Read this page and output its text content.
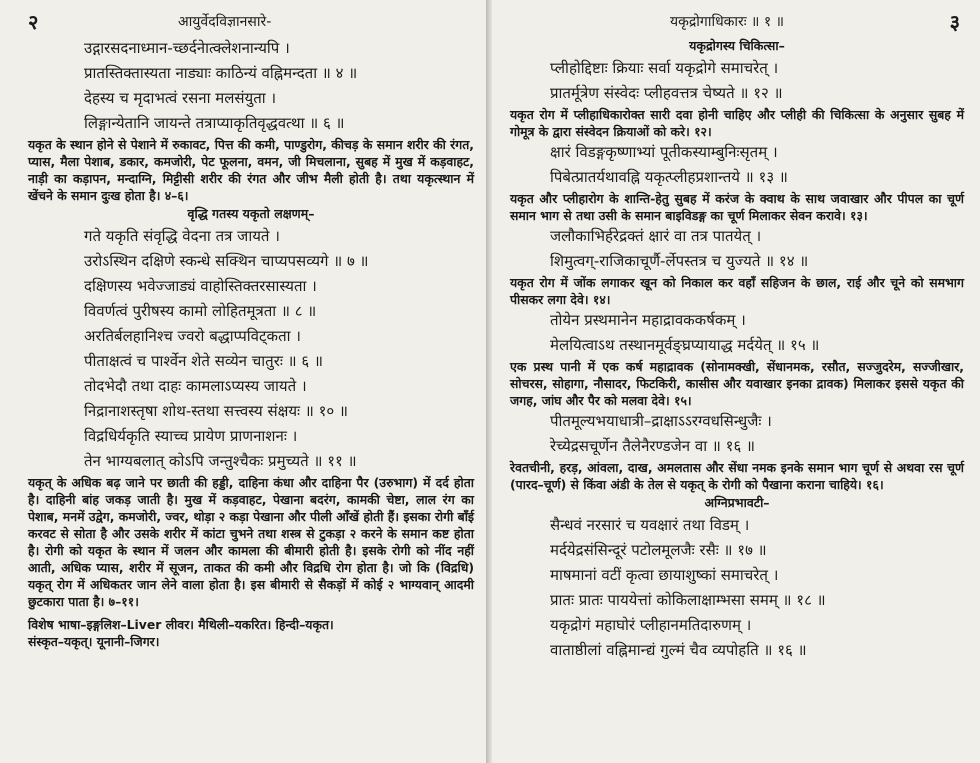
२	आयुर्वेदविज्ञानसारे-
उद्गारसदनाध्मान-च्छर्दनेात्क्लेशनान्यपि ।
प्रातस्तिक्तास्यता नाड्याः काठिन्यं वह्निमन्दता ॥ ४ ॥
देहस्य च मृदाभत्वं रसना मलसंयुता ।
लिङ्गान्येतानि जायन्ते तत्राप्याकृतिवृद्धवत्था ॥ ६ ॥
यकृत के स्थान होने से पेशाने में रुकावट, पित्त की कमी, पाण्डुरोग, कीचड़ के समान शरीर की रंगत, प्यास, मैला पेशाब, डकार, कमजोरी, पेट फूलना, वमन, जी मिचलाना, सुबह में मुख में कड़वाहट, नाड़ी का कड़ापन, मन्दाग्नि, मिट्टीसी शरीर की रंगत और जीभ मैली होती है। तथा यकृत्स्थान में खेंचने के समान दुःख होता है। ४–६।
वृद्धि गतस्य यकृतो लक्षणम्–
गते यकृति संवृद्धि वेदना तत्र जायते ।
उरोऽस्थिन दक्षिणे स्कन्धे सक्थिन चाप्यपसव्यगे ॥ ७ ॥
दक्षिणस्य भवेज्जाड्यं वाहोस्तिक्तरसास्यता ।
विवर्णत्वं पुरीषस्य कामो लोहितमूत्रता ॥ ८ ॥
अरतिर्बलहानिश्च ज्वरो बद्धाप्पविट्कता ।
पीताक्षत्वं च पार्श्वेन शेते सव्येन चातुरः ॥ ६ ॥
तोदभेदौ तथा दाहः कामलाऽप्यस्य जायते ।
निद्रानाशस्तृषा शोथ-स्तथा सत्त्वस्य संक्षयः ॥ १० ॥
विद्रधिर्यकृति स्याच्च प्रायेण प्राणनाशनः ।
तेन भाग्यबलात् कोऽपि जन्तुश्चैकः प्रमुच्यते ॥ ११ ॥
यकृत् के अधिक बढ़ जाने पर छाती की हड्डी, दाहिना कंधा और दाहिना पैर (उरुभाग) में दर्द होता है। दाहिनी बांह जकड़ जाती है। मुख में कड़वाहट, पेखाना बदरंग, कामकी चेष्टा, लाल रंग का पेशाब, मनमें उद्वेग, कमजोरी, ज्वर, थोड़ा २ कड़ा पेखाना और पीली आँखें होती हैं। इसका रोगी बाँई करवट से सोता है और उसके शरीर में कांटा चुभने तथा शस्त्र से टुकड़ा २ करने के समान कष्ट होता है। रोगी को यकृत के स्थान में जलन और कामला की बीमारी होती है। इसके रोगी को नींद नहीं आती, अधिक प्यास, शरीर में सूजन, ताकत की कमी और विद्रधि रोग होता है। जो कि (विद्रधि) यकृत् रोग में अधिकतर जान लेने वाला होता है। इस बीमारी से सैकड़ों में कोई २ भाग्यवान् आदमी छुटकारा पाता है। ७–११।
विशेष भाषा–इङ्गलिश–Liver लीवर। मैथिली–यकरित। हिन्दी–यकृत।
संस्कृत–यकृत्। यूनानी–जिगर।
यकृद्रोगाधिकारः ॥ १ ॥	३
यकृद्रोगस्य चिकित्सा–
प्लीहोद्दिष्टाः क्रियाः सर्वा यकृद्रोगे समाचरेत् ।
प्रातर्मूत्रेण संस्वेदः प्लीहवत्तत्र चेष्यते ॥ १२ ॥
यकृत रोग में प्लीहाधिकारोक्त सारी दवा होनी चाहिए और प्लीही की चिकित्सा के अनुसार सुबह में गोमूत्र के द्वारा संस्वेदन क्रियाओं को करे। १२।
क्षारं विडङ्गकृष्णाभ्यां पूतीकस्याम्बुनिःसृतम् ।
पिबेत्प्रातर्यथावह्नि यकृत्प्लीहप्रशान्तये ॥ १३ ॥
यकृत और प्लीहारोग के शान्ति-हेतु सुबह में करंज के क्वाथ के साथ जवाखार और पीपल का चूर्ण समान भाग से तथा उसी के समान बाइविडङ्ग का चूर्ण मिलाकर सेवन करावे। १३।
जलौकाभिर्हरेद्रक्तं क्षारं वा तत्र पातयेत् ।
शिमुत्वग्-राजिकाचूर्णै-र्लेपस्तत्र च युज्यते ॥ १४ ॥
यकृत रोग में जोंक लगाकर खून को निकाल कर वहाँ सहिजन के छाल, राई और चूने को समभाग पीसकर लगा देवे। १४।
तोयेन प्रस्थमानेन महाद्रावककर्षकम् ।
मेलयित्वाऽथ तस्थानमूर्वङ्घ्रप्यायाद्ध मर्दयेत् ॥ १५ ॥
एक प्रस्थ पानी में एक कर्ष महाद्रावक (सोनामक्खी, सेंधानमक, रसौत, सज्जुदरेम, सज्जीखार, सोचरस, सोहागा, नौसादर, फिटकिरी, कासीस और यवाखार इनका द्रावक) मिलाकर इससे यकृत की जगह, जांघ और पैर को मलवा देवे। १५।
पीतमूल्यभयाधात्री–द्राक्षाऽऽरग्वधसिन्धुजैः ।
रेच्येद्रसचूर्णेन तैलेनैरण्डजेन वा ॥ १६ ॥
रेवतचीनी, हरड़, आंवला, दाख, अमलतास और सेंधा नमक इनके समान भाग चूर्ण से अथवा रस चूर्ण (पारद–चूर्ण) से किंवा अंडी के तेल से यकृत् के रोगी को पैखाना कराना चाहिये। १६।
अग्निप्रभावटी–
सैन्धवं नरसारं च यवक्षारं तथा विडम् ।
मर्दयेद्रसंसिन्दूरं पटोलमूलजैः रसैः ॥ १७ ॥
माषमानां वटीं कृत्वा छायाशुष्कां समाचरेत् ।
प्रातः प्रातः पाययेत्तां कोकिलाक्षाम्भसा समम् ॥ १८ ॥
यकृद्रोगं महाघोरं प्लीहानमतिदारुणम् ।
वाताष्ठीलां वह्निमान्द्यं गुल्मं चैव व्यपोहति ॥ १६ ॥
